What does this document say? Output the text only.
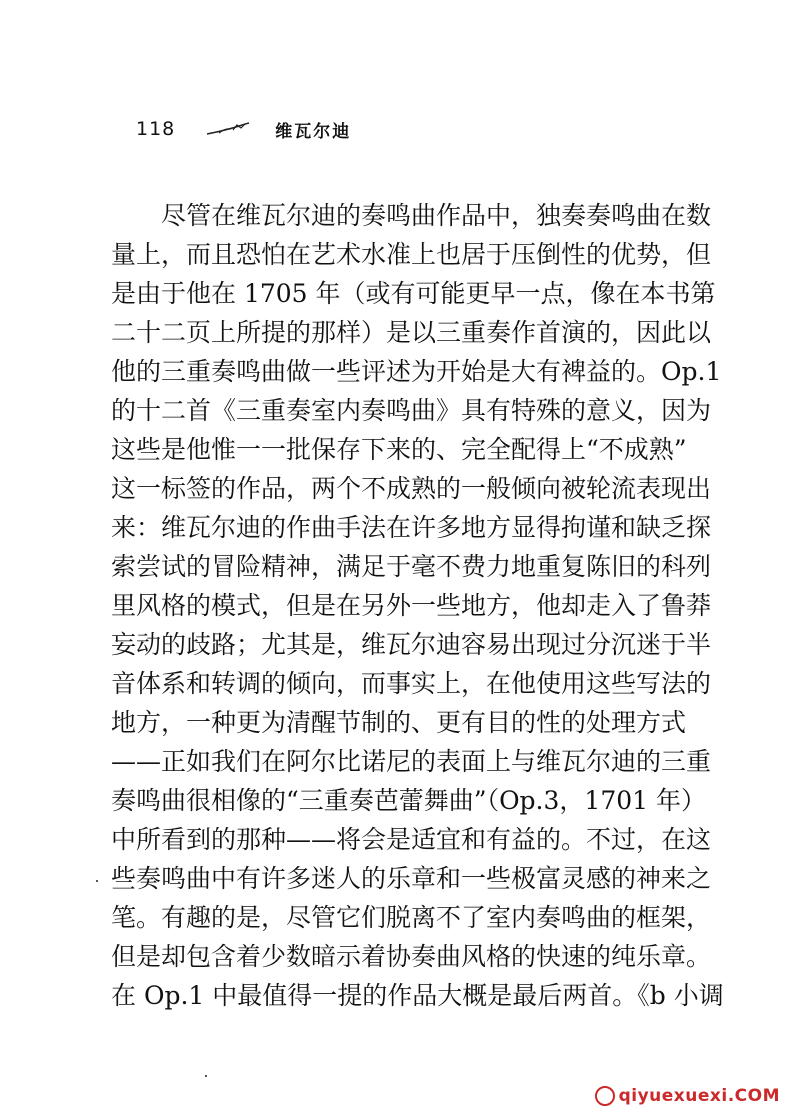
118	维瓦尔迪
尽管在维瓦尔迪的奏鸣曲作品中，独奏奏鸣曲在数
量上，而且恐怕在艺术水准上也居于压倒性的优势，但
是由于他在 1705 年（或有可能更早一点，像在本书第
二十二页上所提的那样）是以三重奏作首演的，因此以
他的三重奏鸣曲做一些评述为开始是大有裨益的。Op.1
的十二首《三重奏室内奏鸣曲》具有特殊的意义，因为
这些是他惟一一批保存下来的、完全配得上“不成熟”
这一标签的作品，两个不成熟的一般倾向被轮流表现出
来：维瓦尔迪的作曲手法在许多地方显得拘谨和缺乏探
索尝试的冒险精神，满足于毫不费力地重复陈旧的科列
里风格的模式，但是在另外一些地方，他却走入了鲁莽
妄动的歧路；尤其是，维瓦尔迪容易出现过分沉迷于半
音体系和转调的倾向，而事实上，在他使用这些写法的
地方，一种更为清醒节制的、更有目的性的处理方式
——正如我们在阿尔比诺尼的表面上与维瓦尔迪的三重
奏鸣曲很相像的“三重奏芭蕾舞曲”（Op.3，1701 年）
中所看到的那种——将会是适宜和有益的。不过，在这
些奏鸣曲中有许多迷人的乐章和一些极富灵感的神来之
笔。有趣的是，尽管它们脱离不了室内奏鸣曲的框架，
但是却包含着少数暗示着协奏曲风格的快速的纯乐章。
在 Op.1 中最值得一提的作品大概是最后两首。《b 小调
qiyuexuexi.COM
